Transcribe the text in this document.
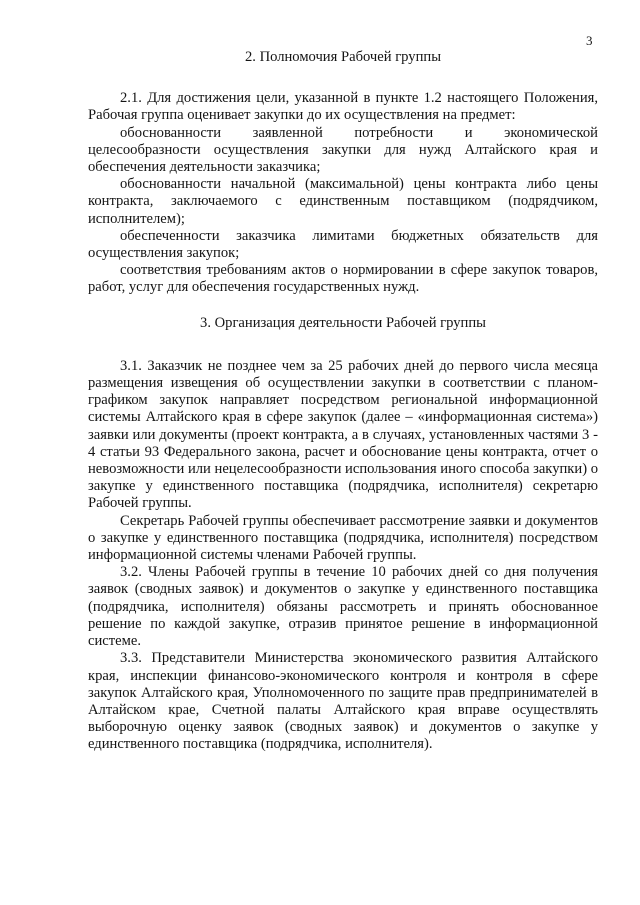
3
2. Полномочия Рабочей группы

2.1. Для достижения цели, указанной в пункте 1.2 настоящего Положения, Рабочая группа оценивает закупки до их осуществления на предмет:

обоснованности заявленной потребности и экономической целесообразности осуществления закупки для нужд Алтайского края и обеспечения деятельности заказчика;

обоснованности начальной (максимальной) цены контракта либо цены контракта, заключаемого с единственным поставщиком (подрядчиком, исполнителем);

обеспеченности заказчика лимитами бюджетных обязательств для осуществления закупок;

соответствия требованиям актов о нормировании в сфере закупок товаров, работ, услуг для обеспечения государственных нужд.

3. Организация деятельности Рабочей группы

3.1. Заказчик не позднее чем за 25 рабочих дней до первого числа месяца размещения извещения об осуществлении закупки в соответствии с планом-графиком закупок направляет посредством региональной информационной системы Алтайского края в сфере закупок (далее – «информационная система») заявки или документы (проект контракта, а в случаях, установленных частями 3 - 4 статьи 93 Федерального закона, расчет и обоснование цены контракта, отчет о невозможности или нецелесообразности использования иного способа закупки) о закупке у единственного поставщика (подрядчика, исполнителя) секретарю Рабочей группы.

Секретарь Рабочей группы обеспечивает рассмотрение заявки и документов о закупке у единственного поставщика (подрядчика, исполнителя) посредством информационной системы членами Рабочей группы.

3.2. Члены Рабочей группы в течение 10 рабочих дней со дня получения заявок (сводных заявок) и документов о закупке у единственного поставщика (подрядчика, исполнителя) обязаны рассмотреть и принять обоснованное решение по каждой закупке, отразив принятое решение в информационной системе.

3.3. Представители Министерства экономического развития Алтайского края, инспекции финансово-экономического контроля и контроля в сфере закупок Алтайского края, Уполномоченного по защите прав предпринимателей в Алтайском крае, Счетной палаты Алтайского края вправе осуществлять выборочную оценку заявок (сводных заявок) и документов о закупке у единственного поставщика (подрядчика, исполнителя).
